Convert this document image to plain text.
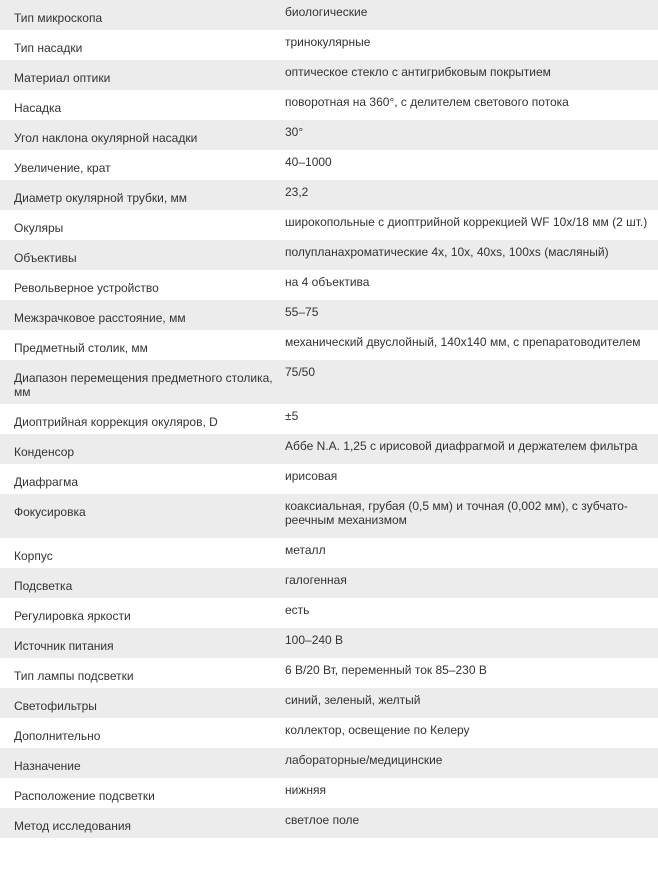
Тип микроскопа	биологические
Тип насадки	тринокулярные
Материал оптики	оптическое стекло с антигрибковым покрытием
Насадка	поворотная на 360°, с делителем светового потока
Угол наклона окулярной насадки	30°
Увеличение, крат	40–1000
Диаметр окулярной трубки, мм	23,2
Окуляры	широкопольные с диоптрийной коррекцией WF 10x/18 мм (2 шт.)
Объективы	полупланахроматические 4x, 10x, 40xs, 100xs (масляный)
Револьверное устройство	на 4 объектива
Межзрачковое расстояние, мм	55–75
Предметный столик, мм	механический двуслойный, 140x140 мм, с препаратоводителем
Диапазон перемещения предметного столика, мм	75/50
Диоптрийная коррекция окуляров, D	±5
Конденсор	Аббе N.A. 1,25 с ирисовой диафрагмой и держателем фильтра
Диафрагма	ирисовая
Фокусировка	коаксиальная, грубая (0,5 мм) и точная (0,002 мм), с зубчато-реечным механизмом
Корпус	металл
Подсветка	галогенная
Регулировка яркости	есть
Источник питания	100–240 В
Тип лампы подсветки	6 В/20 Вт, переменный ток 85–230 В
Светофильтры	синий, зеленый, желтый
Дополнительно	коллектор, освещение по Келеру
Назначение	лабораторные/медицинские
Расположение подсветки	нижняя
Метод исследования	светлое поле
